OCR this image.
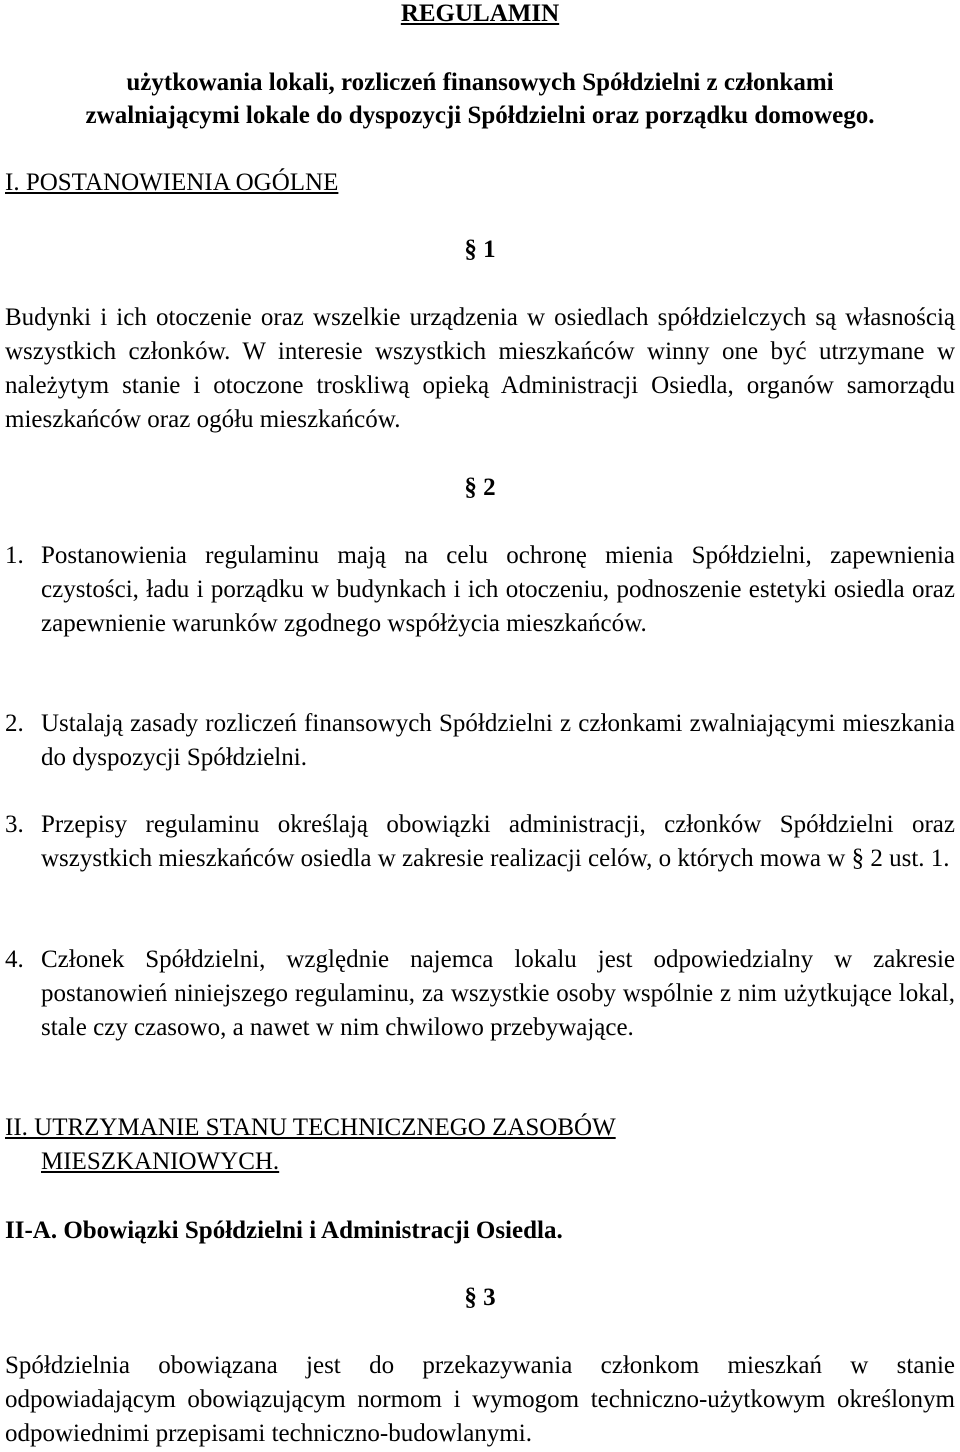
REGULAMIN
użytkowania lokali, rozliczeń finansowych Spółdzielni z członkami
zwalniającymi lokale do dyspozycji Spółdzielni oraz porządku domowego.
I. POSTANOWIENIA OGÓLNE
§ 1

Budynki i ich otoczenie oraz wszelkie urządzenia w osiedlach spółdzielczych są własnością wszystkich członków. W interesie wszystkich mieszkańców winny one być utrzymane w należytym stanie i otoczone troskliwą opieką Administracji Osiedla, organów samorządu mieszkańców oraz ogółu mieszkańców.

§ 2
1. Postanowienia regulaminu mają na celu ochronę mienia Spółdzielni, zapewnienia czystości, ładu i porządku w budynkach i ich otoczeniu, podnoszenie estetyki osiedla oraz zapewnienie warunków zgodnego współżycia mieszkańców.
2. Ustalają zasady rozliczeń finansowych Spółdzielni z członkami zwalniającymi mieszkania do dyspozycji Spółdzielni.
3. Przepisy regulaminu określają obowiązki administracji, członków Spółdzielni oraz wszystkich mieszkańców osiedla w zakresie realizacji celów, o których mowa w § 2 ust. 1.
4. Członek Spółdzielni, względnie najemca lokalu jest odpowiedzialny w zakresie postanowień niniejszego regulaminu, za wszystkie osoby wspólnie z nim użytkujące lokal, stale czy czasowo, a nawet w nim chwilowo przebywające.
II. UTRZYMANIE STANU TECHNICZNEGO ZASOBÓW
MIESZKANIOWYCH.
II-A. Obowiązki Spółdzielni i Administracji Osiedla.
§ 3

Spółdzielnia obowiązana jest do przekazywania członkom mieszkań w stanie odpowiadającym obowiązującym normom i wymogom techniczno-użytkowym określonym odpowiednimi przepisami techniczno-budowlanymi.
